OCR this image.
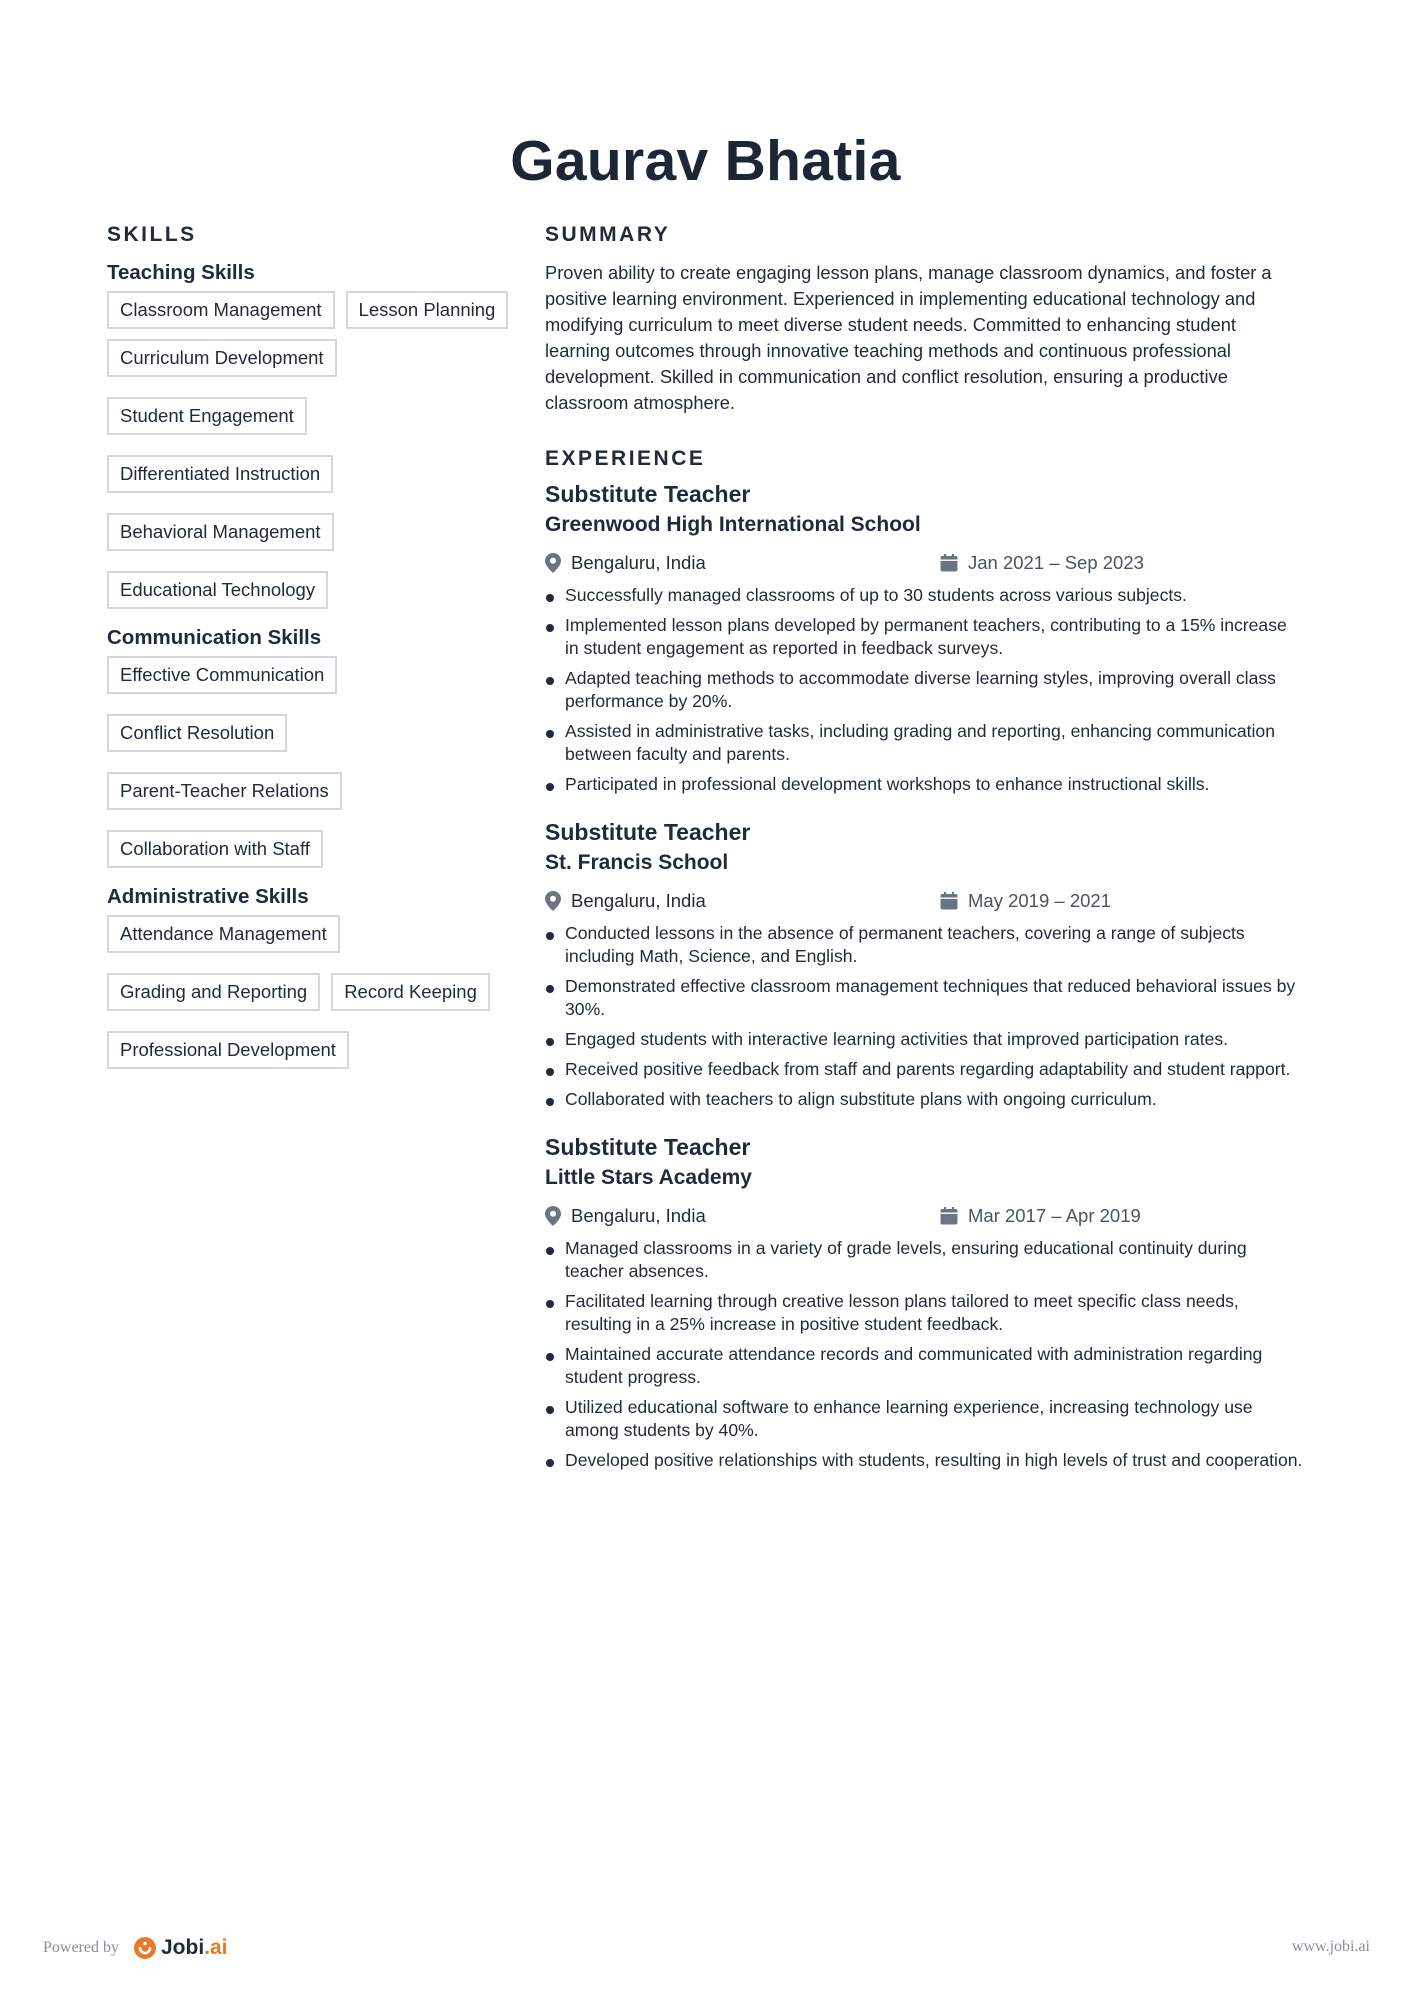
Gaurav Bhatia
SKILLS
Teaching Skills
Classroom Management	Lesson Planning
Curriculum Development
Student Engagement
Differentiated Instruction
Behavioral Management
Educational Technology
Communication Skills
Effective Communication
Conflict Resolution
Parent-Teacher Relations
Collaboration with Staff
Administrative Skills
Attendance Management
Grading and Reporting	Record Keeping
Professional Development
SUMMARY

Proven ability to create engaging lesson plans, manage classroom dynamics, and foster a positive learning environment. Experienced in implementing educational technology and modifying curriculum to meet diverse student needs. Committed to enhancing student learning outcomes through innovative teaching methods and continuous professional development. Skilled in communication and conflict resolution, ensuring a productive classroom atmosphere.

EXPERIENCE
Substitute Teacher
Greenwood High International School
Bengaluru, India	Jan 2021 – Sep 2023
Successfully managed classrooms of up to 30 students across various subjects.
Implemented lesson plans developed by permanent teachers, contributing to a 15% increase in student engagement as reported in feedback surveys.
Adapted teaching methods to accommodate diverse learning styles, improving overall class performance by 20%.
Assisted in administrative tasks, including grading and reporting, enhancing communication between faculty and parents.
Participated in professional development workshops to enhance instructional skills.
Substitute Teacher
St. Francis School
Bengaluru, India	May 2019 – 2021
Conducted lessons in the absence of permanent teachers, covering a range of subjects including Math, Science, and English.
Demonstrated effective classroom management techniques that reduced behavioral issues by 30%.
Engaged students with interactive learning activities that improved participation rates.
Received positive feedback from staff and parents regarding adaptability and student rapport.
Collaborated with teachers to align substitute plans with ongoing curriculum.
Substitute Teacher
Little Stars Academy
Bengaluru, India	Mar 2017 – Apr 2019
Managed classrooms in a variety of grade levels, ensuring educational continuity during teacher absences.
Facilitated learning through creative lesson plans tailored to meet specific class needs, resulting in a 25% increase in positive student feedback.
Maintained accurate attendance records and communicated with administration regarding student progress.
Utilized educational software to enhance learning experience, increasing technology use among students by 40%.
Developed positive relationships with students, resulting in high levels of trust and cooperation.
Powered by Jobi .ai	www.jobi.ai
